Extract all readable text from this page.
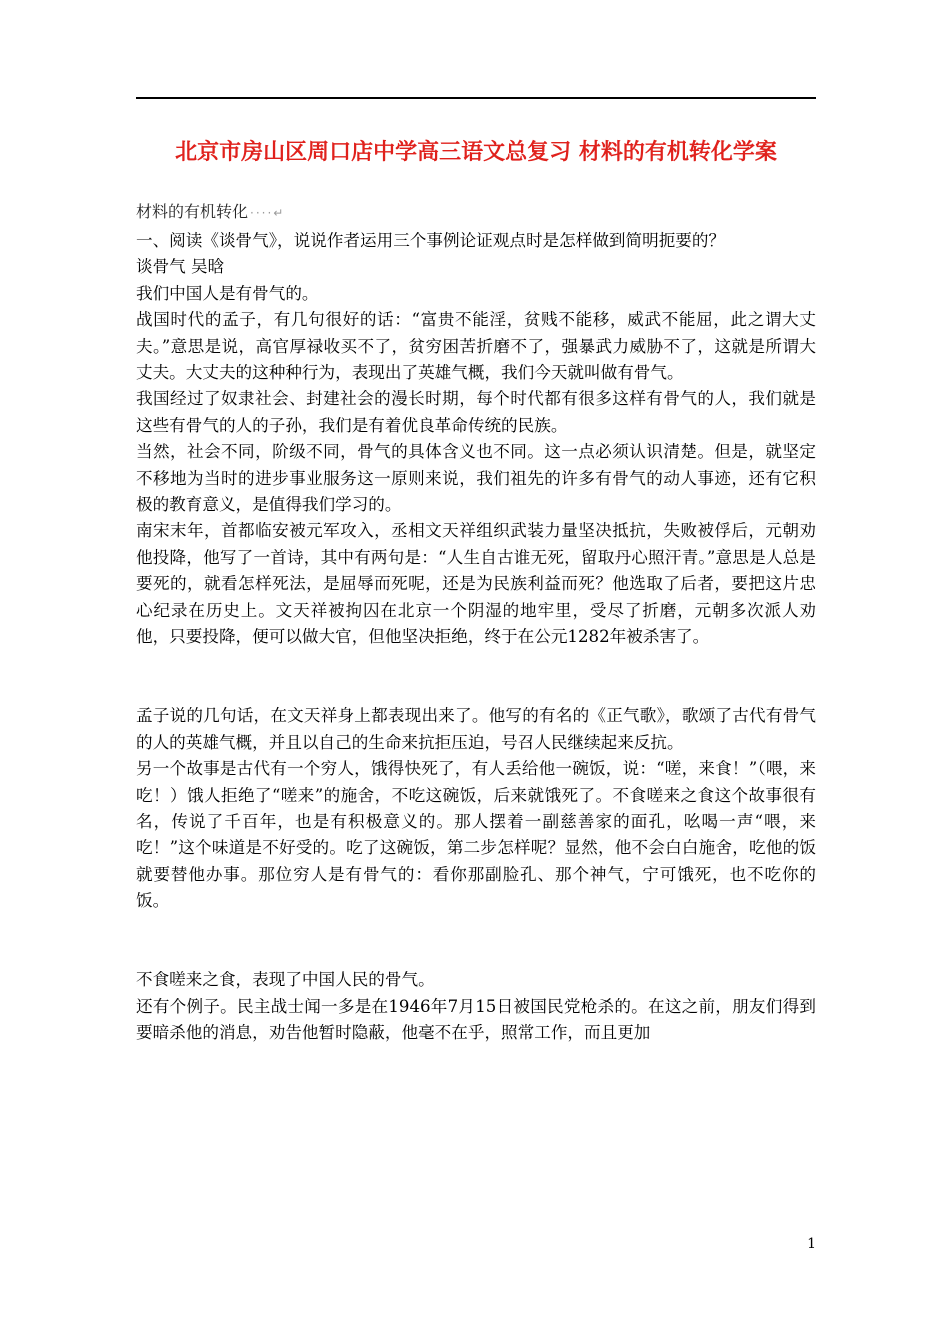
北京市房山区周口店中学高三语文总复习 材料的有机转化学案
材料的有机转化 ····↵

一、阅读《谈骨气》，说说作者运用三个事例论证观点时是怎样做到简明扼要的？

谈骨气 吴晗

我们中国人是有骨气的。

战国时代的孟子，有几句很好的话：“富贵不能淫，贫贱不能移，威武不能屈，此之谓大丈夫。”意思是说，高官厚禄收买不了，贫穷困苦折磨不了，强暴武力威胁不了，这就是所谓大丈夫。大丈夫的这种种行为，表现出了英雄气概，我们今天就叫做有骨气。

我国经过了奴隶社会、封建社会的漫长时期，每个时代都有很多这样有骨气的人，我们就是这些有骨气的人的子孙，我们是有着优良革命传统的民族。

当然，社会不同，阶级不同，骨气的具体含义也不同。这一点必须认识清楚。但是，就坚定不移地为当时的进步事业服务这一原则来说，我们祖先的许多有骨气的动人事迹，还有它积极的教育意义，是值得我们学习的。

南宋末年，首都临安被元军攻入，丞相文天祥组织武装力量坚决抵抗，失败被俘后，元朝劝他投降，他写了一首诗，其中有两句是：“人生自古谁无死，留取丹心照汗青。”意思是人总是要死的，就看怎样死法，是屈辱而死呢，还是为民族利益而死？他选取了后者，要把这片忠心纪录在历史上。文天祥被拘囚在北京一个阴湿的地牢里，受尽了折磨，元朝多次派人劝他，只要投降，便可以做大官，但他坚决拒绝，终于在公元1282年被杀害了。

孟子说的几句话，在文天祥身上都表现出来了。他写的有名的《正气歌》，歌颂了古代有骨气的人的英雄气概，并且以自己的生命来抗拒压迫，号召人民继续起来反抗。

另一个故事是古代有一个穷人，饿得快死了，有人丢给他一碗饭，说：“嗟，来食！”（喂，来吃！）饿人拒绝了“嗟来”的施舍，不吃这碗饭，后来就饿死了。不食嗟来之食这个故事很有名，传说了千百年，也是有积极意义的。那人摆着一副慈善家的面孔，吆喝一声“喂，来吃！”这个味道是不好受的。吃了这碗饭，第二步怎样呢？显然，他不会白白施舍，吃他的饭就要替他办事。那位穷人是有骨气的：看你那副脸孔、那个神气，宁可饿死，也不吃你的饭。

不食嗟来之食，表现了中国人民的骨气。

还有个例子。民主战士闻一多是在1946年7月15日被国民党枪杀的。在这之前，朋友们得到要暗杀他的消息，劝告他暂时隐蔽，他毫不在乎，照常工作，而且更加

1
